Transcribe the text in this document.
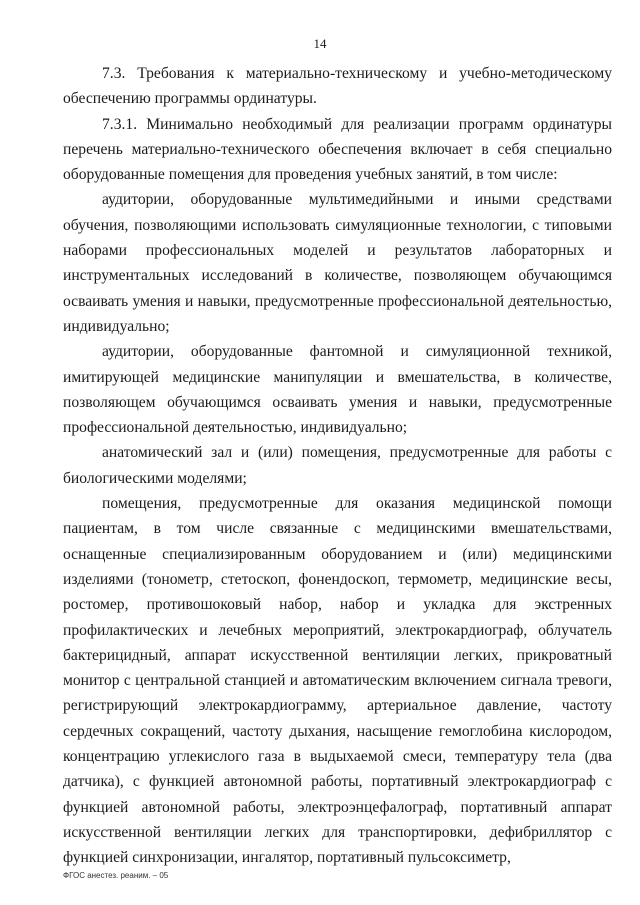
14

7.3. Требования к материально-техническому и учебно-методическому обеспечению программы ординатуры.

7.3.1. Минимально необходимый для реализации программ ординатуры перечень материально-технического обеспечения включает в себя специально оборудованные помещения для проведения учебных занятий, в том числе:

аудитории, оборудованные мультимедийными и иными средствами обучения, позволяющими использовать симуляционные технологии, с типовыми наборами профессиональных моделей и результатов лабораторных и инструментальных исследований в количестве, позволяющем обучающимся осваивать умения и навыки, предусмотренные профессиональной деятельностью, индивидуально;

аудитории, оборудованные фантомной и симуляционной техникой, имитирующей медицинские манипуляции и вмешательства, в количестве, позволяющем обучающимся осваивать умения и навыки, предусмотренные профессиональной деятельностью, индивидуально;

анатомический зал и (или) помещения, предусмотренные для работы с биологическими моделями;

помещения, предусмотренные для оказания медицинской помощи пациентам, в том числе связанные с медицинскими вмешательствами, оснащенные специализированным оборудованием и (или) медицинскими изделиями (тонометр, стетоскоп, фонендоскоп, термометр, медицинские весы, ростомер, противошоковый набор, набор и укладка для экстренных профилактических и лечебных мероприятий, электрокардиограф, облучатель бактерицидный, аппарат искусственной вентиляции легких, прикроватный монитор с центральной станцией и автоматическим включением сигнала тревоги, регистрирующий электрокардиограмму, артериальное давление, частоту сердечных сокращений, частоту дыхания, насыщение гемоглобина кислородом, концентрацию углекислого газа в выдыхаемой смеси, температуру тела (два датчика), с функцией автономной работы, портативный электрокардиограф с функцией автономной работы, электроэнцефалограф, портативный аппарат искусственной вентиляции легких для транспортировки, дефибриллятор с функцией синхронизации, ингалятор, портативный пульсоксиметр,

ФГОС анестез. реаним. – 05
